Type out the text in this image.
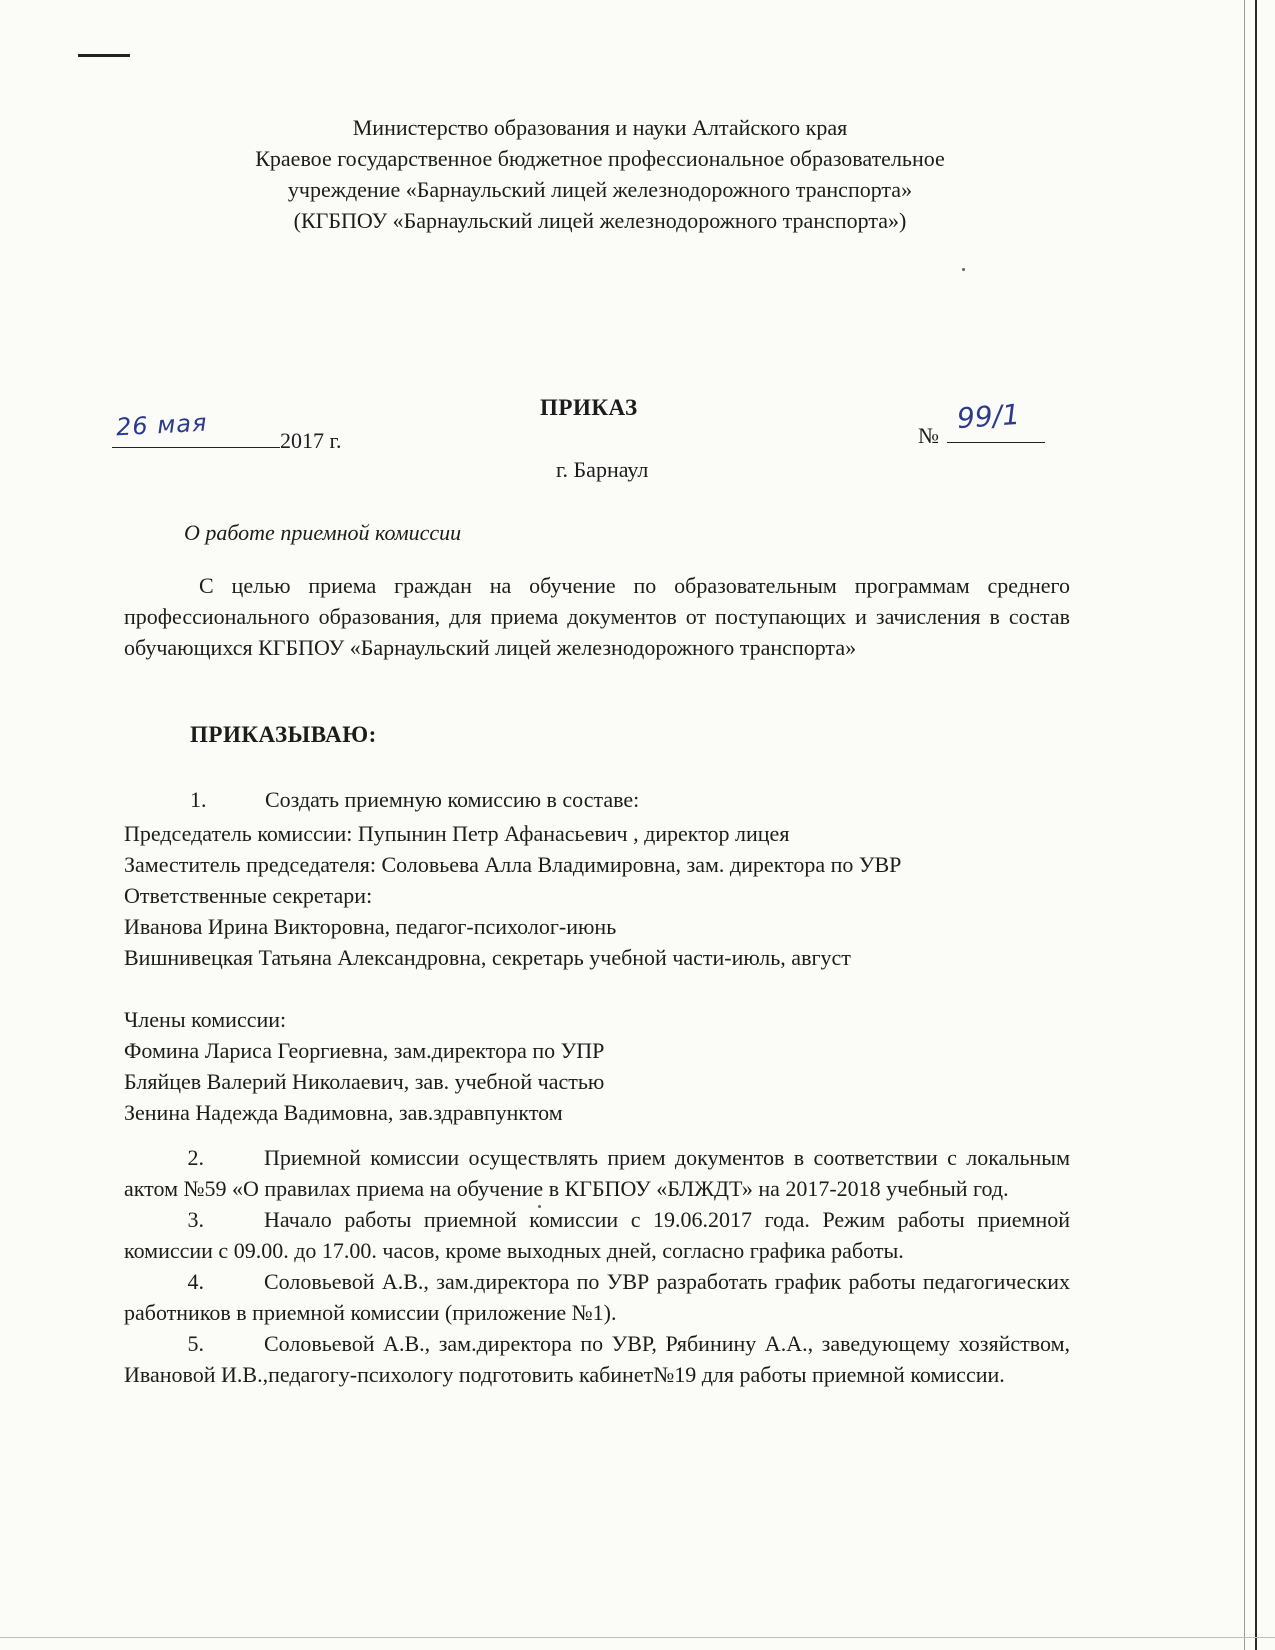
Министерство образования и науки Алтайского края
Краевое государственное бюджетное профессиональное образовательное
учреждение «Барнаульский лицей железнодорожного транспорта»
(КГБПОУ «Барнаульский лицей железнодорожного транспорта»)
ПРИКАЗ
26 мая	2017 г.	№
99/1
г. Барнаул
О работе приемной комиссии
С целью приема граждан на обучение по образовательным программам среднего профессионального образования, для приема документов от поступающих и зачисления в состав обучающихся КГБПОУ «Барнаульский лицей железнодорожного транспорта»
ПРИКАЗЫВАЮ:
1.	Создать приемную комиссию в составе:
Председатель комиссии: Пупынин Петр Афанасьевич , директор лицея
Заместитель председателя: Соловьева Алла Владимировна, зам. директора по УВР
Ответственные секретари:
Иванова Ирина Викторовна, педагог-психолог-июнь
Вишнивецкая Татьяна Александровна, секретарь учебной части-июль, август
Члены комиссии:
Фомина Лариса Георгиевна, зам.директора по УПР
Бляйцев Валерий Николаевич, зав. учебной частью
Зенина Надежда Вадимовна, зав.здравпунктом

2.	Приемной комиссии осуществлять прием документов в соответствии с локальным актом №59 «О правилах приема на обучение в КГБПОУ «БЛЖДТ» на 2017-2018 учебный год.

3.	Начало работы приемной комиссии с 19.06.2017 года. Режим работы приемной комиссии с 09.00. до 17.00. часов, кроме выходных дней, согласно графика работы.

4.	Соловьевой А.В., зам.директора по УВР разработать график работы педагогических работников в приемной комиссии (приложение №1).

5.	Соловьевой А.В., зам.директора по УВР, Рябинину А.А., заведующему хозяйством, Ивановой И.В.,педагогу-психологу подготовить кабинет№19 для работы приемной комиссии.
